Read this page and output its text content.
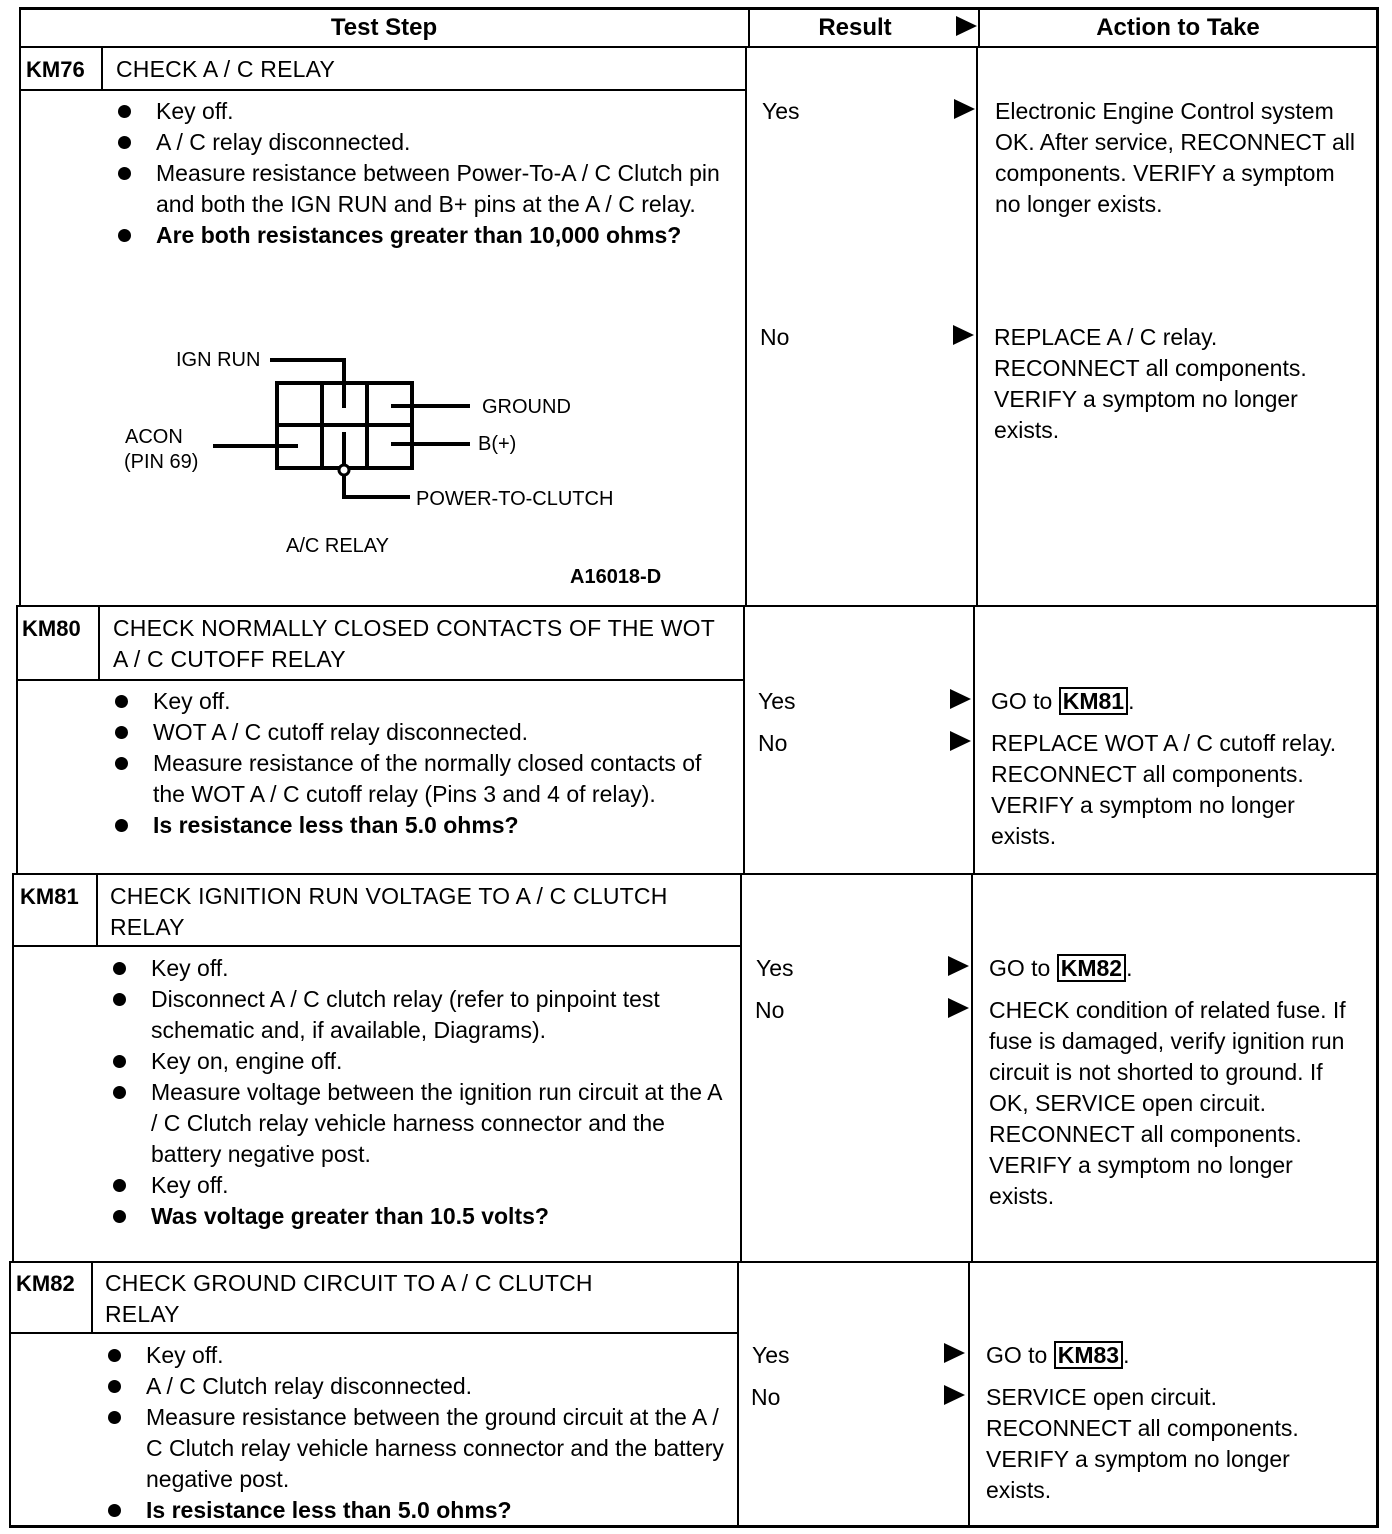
Test Step	Result	Action to Take
KM76 CHECK A / C RELAY
Key off.
A / C relay disconnected.
Measure resistance between Power-To-A / C Clutch pin and both the IGN RUN and B+ pins at the A / C relay.
Are both resistances greater than 10,000 ohms?
IGN RUN
GROUND
ACON
(PIN 69)
B(+)
POWER-TO-CLUTCH
A/C RELAY
A16018-D
Yes	Electronic Engine Control system OK. After service, RECONNECT all components. VERIFY a symptom no longer exists.
No	REPLACE A / C relay. RECONNECT all components. VERIFY a symptom no longer exists.
KM80 CHECK NORMALLY CLOSED CONTACTS OF THE WOT A / C CUTOFF RELAY
Key off.
WOT A / C cutoff relay disconnected.
Measure resistance of the normally closed contacts of the WOT A / C cutoff relay (Pins 3 and 4 of relay).
Is resistance less than 5.0 ohms?
Yes	GO to KM81 .
No	REPLACE WOT A / C cutoff relay. RECONNECT all components. VERIFY a symptom no longer exists.
KM81 CHECK IGNITION RUN VOLTAGE TO A / C CLUTCH RELAY
Key off.
Disconnect A / C clutch relay (refer to pinpoint test schematic and, if available, Diagrams).
Key on, engine off.
Measure voltage between the ignition run circuit at the A / C Clutch relay vehicle harness connector and the battery negative post.
Key off.
Was voltage greater than 10.5 volts?
Yes	GO to KM82 .
No	CHECK condition of related fuse. If fuse is damaged, verify ignition run circuit is not shorted to ground. If OK, SERVICE open circuit. RECONNECT all components. VERIFY a symptom no longer exists.
KM82 CHECK GROUND CIRCUIT TO A / C CLUTCH RELAY
Key off.
A / C Clutch relay disconnected.
Measure resistance between the ground circuit at the A / C Clutch relay vehicle harness connector and the battery negative post.
Is resistance less than 5.0 ohms?
Yes	GO to KM83 .
No	SERVICE open circuit. RECONNECT all components. VERIFY a symptom no longer exists.
